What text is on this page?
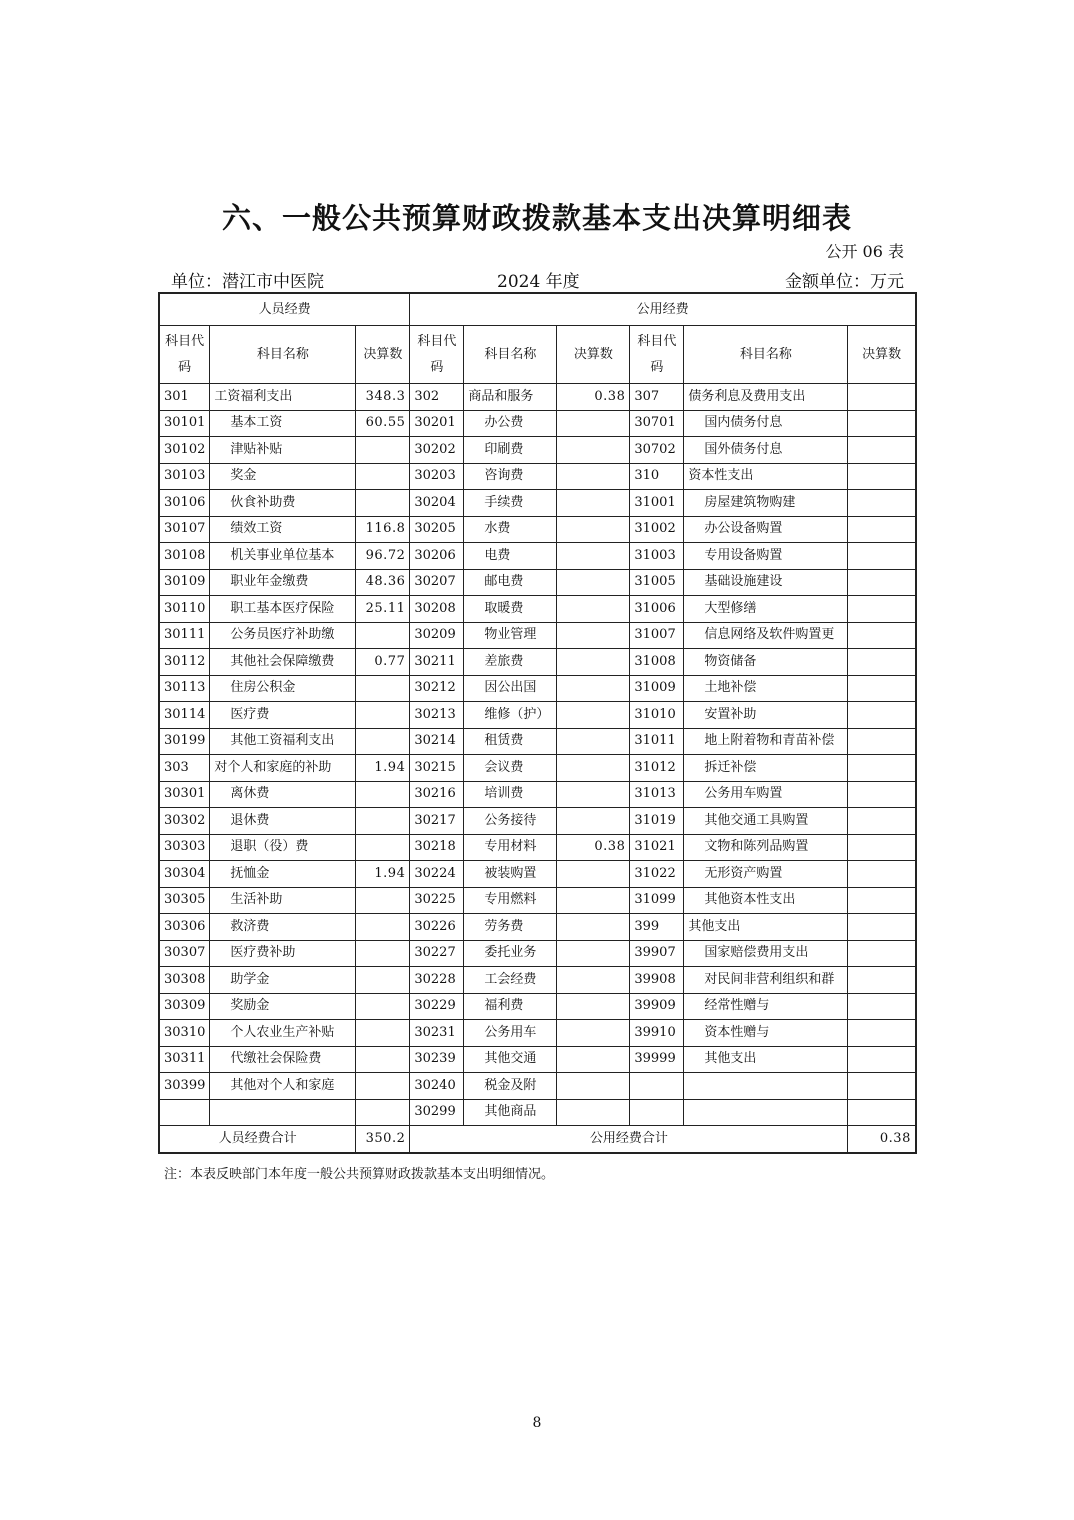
六、一般公共预算财政拨款基本支出决算明细表
公开 06 表
单位：潜江市中医院	2024 年度	金额单位：万元
人员经费			公用经费					
科目代码	科目名称	决算数	科目代码	科目名称	决算数	科目代码	科目名称	决算数
301	工资福利支出	348.3	302	商品和服务	0.38	307	债务利息及费用支出	
30101	基本工资	60.55	30201	办公费		30701	国内债务付息	
30102	津贴补贴		30202	印刷费		30702	国外债务付息	
30103	奖金		30203	咨询费		310	资本性支出	
30106	伙食补助费		30204	手续费		31001	房屋建筑物购建	
30107	绩效工资	116.8	30205	水费		31002	办公设备购置	
30108	机关事业单位基本	96.72	30206	电费		31003	专用设备购置	
30109	职业年金缴费	48.36	30207	邮电费		31005	基础设施建设	
30110	职工基本医疗保险	25.11	30208	取暖费		31006	大型修缮	
30111	公务员医疗补助缴		30209	物业管理		31007	信息网络及软件购置更	
30112	其他社会保障缴费	0.77	30211	差旅费		31008	物资储备	
30113	住房公积金		30212	因公出国		31009	土地补偿	
30114	医疗费		30213	维修（护）		31010	安置补助	
30199	其他工资福利支出		30214	租赁费		31011	地上附着物和青苗补偿	
303	对个人和家庭的补助	1.94	30215	会议费		31012	拆迁补偿	
30301	离休费		30216	培训费		31013	公务用车购置	
30302	退休费		30217	公务接待		31019	其他交通工具购置	
30303	退职（役）费		30218	专用材料	0.38	31021	文物和陈列品购置	
30304	抚恤金	1.94	30224	被装购置		31022	无形资产购置	
30305	生活补助		30225	专用燃料		31099	其他资本性支出	
30306	救济费		30226	劳务费		399	其他支出	
30307	医疗费补助		30227	委托业务		39907	国家赔偿费用支出	
30308	助学金		30228	工会经费		39908	对民间非营利组织和群	
30309	奖励金		30229	福利费		39909	经常性赠与	
30310	个人农业生产补贴		30231	公务用车		39910	资本性赠与	
30311	代缴社会保险费		30239	其他交通		39999	其他支出	
30399	其他对个人和家庭		30240	税金及附				
			30299	其他商品				
人员经费合计		350.2	公用经费合计					0.38
注：本表反映部门本年度一般公共预算财政拨款基本支出明细情况。
8
